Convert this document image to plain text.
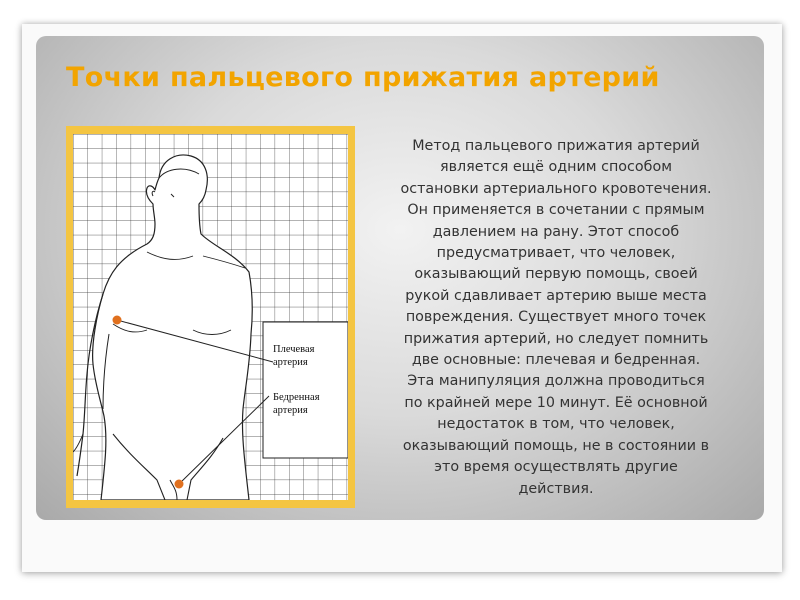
Точки пальцевого прижатия артерий
Плечевая
артерия
Бедренная
артерия
Метод пальцевого прижатия артерий
является ещё одним способом
остановки артериального кровотечения.
Он применяется в сочетании с прямым
давлением на рану. Этот способ
предусматривает, что человек,
оказывающий первую помощь, своей
рукой сдавливает артерию выше места
повреждения. Существует много точек
прижатия артерий, но следует помнить
две основные: плечевая и бедренная.
Эта манипуляция должна проводиться
по крайней мере 10 минут. Её основной
недостаток в том, что человек,
оказывающий помощь, не в состоянии в
это время осуществлять другие
действия.
